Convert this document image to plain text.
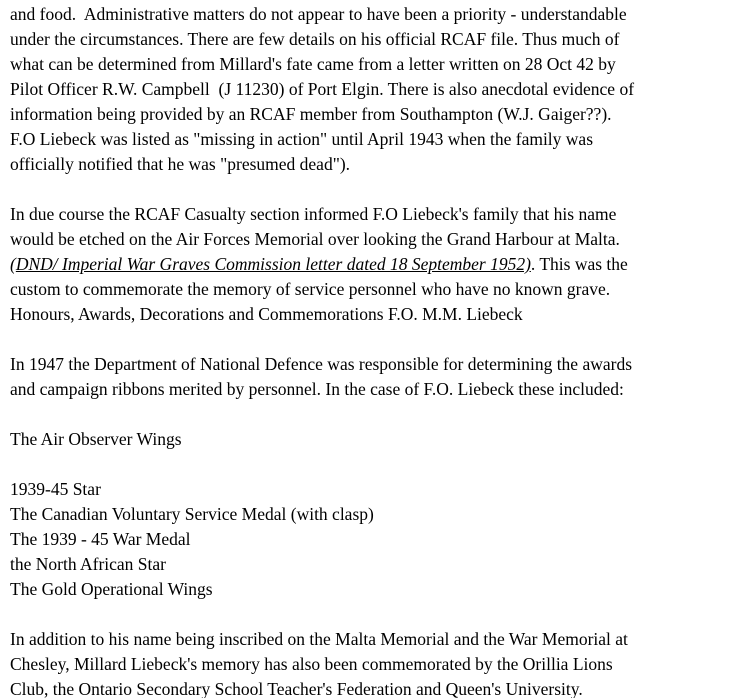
and food.  Administrative matters do not appear to have been a priority - understandable
under the circumstances. There are few details on his official RCAF file. Thus much of
what can be determined from Millard's fate came from a letter written on 28 Oct 42 by
Pilot Officer R.W. Campbell  (J 11230) of Port Elgin. There is also anecdotal evidence of
information being provided by an RCAF member from Southampton (W.J. Gaiger??).
F.O Liebeck was listed as "missing in action" until April 1943 when the family was
officially notified that he was "presumed dead").

In due course the RCAF Casualty section informed F.O Liebeck's family that his name
would be etched on the Air Forces Memorial over looking the Grand Harbour at Malta.
(DND/ Imperial War Graves Commission letter dated 18 September 1952). This was the
custom to commemorate the memory of service personnel who have no known grave.
Honours, Awards, Decorations and Commemorations F.O. M.M. Liebeck

In 1947 the Department of National Defence was responsible for determining the awards
and campaign ribbons merited by personnel. In the case of F.O. Liebeck these included:

The Air Observer Wings

1939-45 Star
The Canadian Voluntary Service Medal (with clasp)
The 1939 - 45 War Medal
the North African Star
The Gold Operational Wings

In addition to his name being inscribed on the Malta Memorial and the War Memorial at
Chesley, Millard Liebeck's memory has also been commemorated by the Orillia Lions
Club, the Ontario Secondary School Teacher's Federation and Queen's University.
